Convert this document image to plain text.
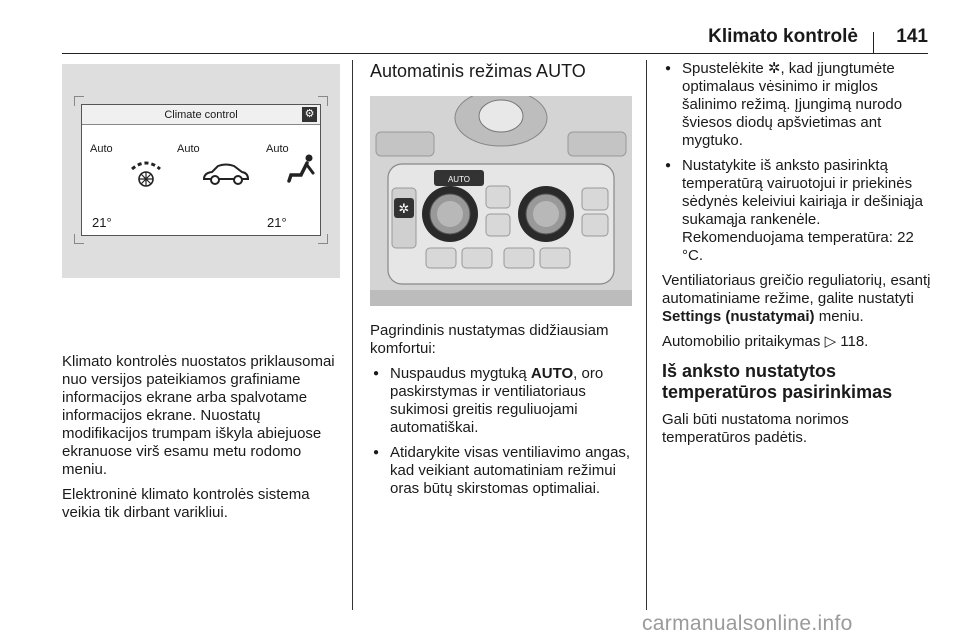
Klimato kontrolė 141
Climate control	⚙
Auto	Auto	Auto
21°	21°

Klimato kontrolės nuostatos priklausomai nuo versijos pateikiamos grafiniame informacijos ekrane arba spalvotame informacijos ekrane. Nuostatų modifikacijos trumpam iškyla abiejuose ekranuose virš esamu metu rodomo meniu.

Elektroninė klimato kontrolės sistema veikia tik dirbant varikliui.

Automatinis režimas AUTO
AUTO
✲

Pagrindinis nustatymas didžiausiam komfortui:

● Nuspaudus mygtuką AUTO, oro paskirstymas ir ventiliatoriaus sukimosi greitis reguliuojami automatiškai.
● Atidarykite visas ventiliavimo angas, kad veikiant automatiniam režimui oras būtų skirstomas optimaliai.
● Spustelėkite ✲, kad įjungtumėte optimalaus vėsinimo ir miglos šalinimo režimą. Įjungimą nurodo šviesos diodų apšvietimas ant mygtuko.
● Nustatykite iš anksto pasirinktą temperatūrą vairuotojui ir priekinės sėdynės keleiviui kairiąja ir dešiniąja sukamąja rankenėle. Rekomenduojama temperatūra: 22 °C.

Ventiliatoriaus greičio reguliatorių, esantį automatiniame režime, galite nustatyti Settings (nustatymai) meniu.

Automobilio pritaikymas ▷ 118.

Iš anksto nustatytos temperatūros pasirinkimas

Gali būti nustatoma norimos temperatūros padėtis.

carmanualsonline.info
